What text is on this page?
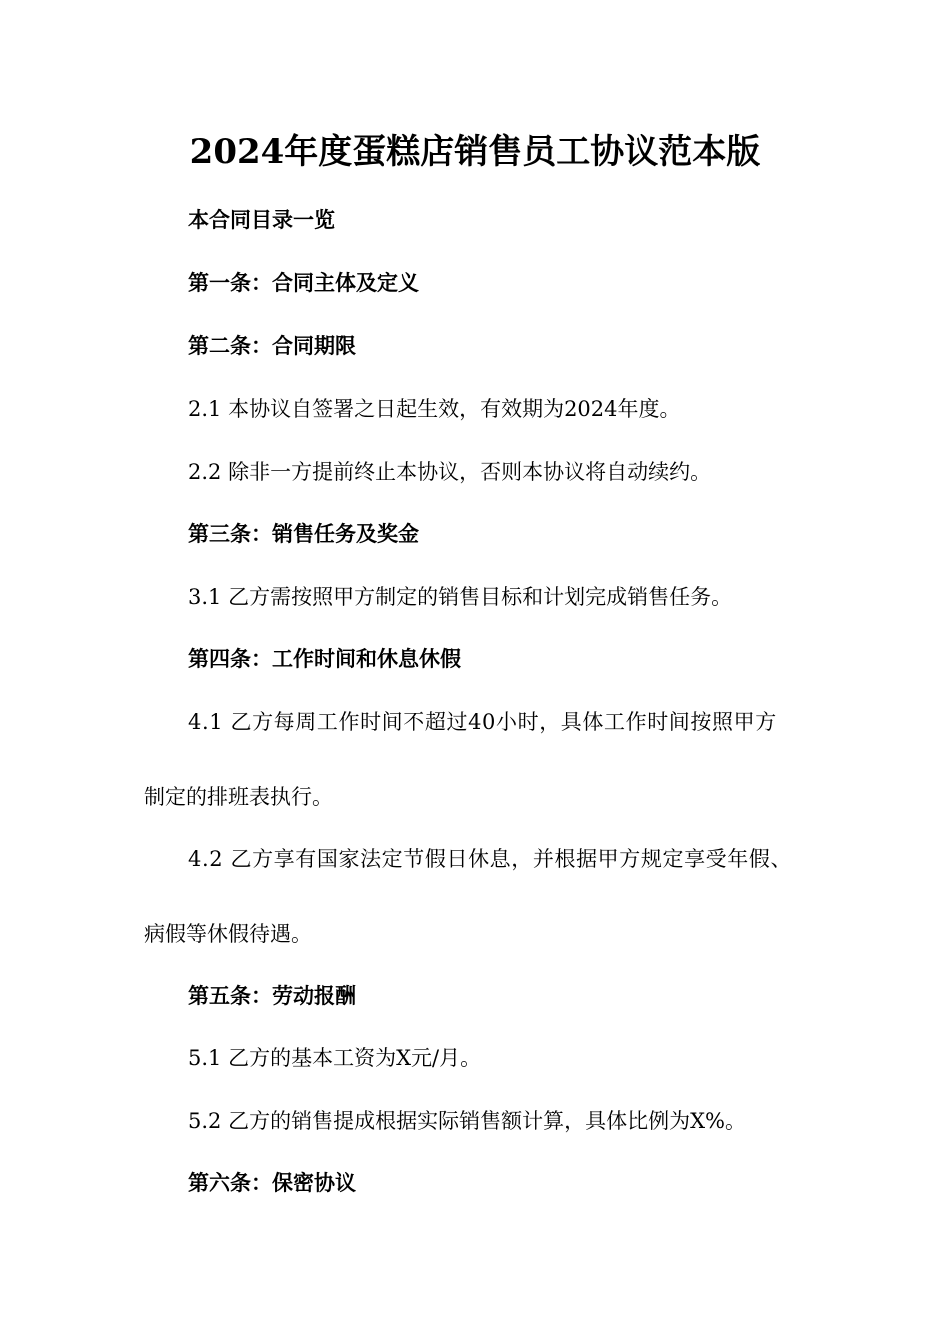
2024年度蛋糕店销售员工协议范本版

本合同目录一览

第一条：合同主体及定义

第二条：合同期限

2.1 本协议自签署之日起生效，有效期为2024年度。

2.2 除非一方提前终止本协议，否则本协议将自动续约。

第三条：销售任务及奖金

3.1 乙方需按照甲方制定的销售目标和计划完成销售任务。

第四条：工作时间和休息休假

4.1 乙方每周工作时间不超过40小时，具体工作时间按照甲方

制定的排班表执行。

4.2 乙方享有国家法定节假日休息，并根据甲方规定享受年假、

病假等休假待遇。

第五条：劳动报酬

5.1 乙方的基本工资为X元/月。

5.2 乙方的销售提成根据实际销售额计算，具体比例为X%。

第六条：保密协议
